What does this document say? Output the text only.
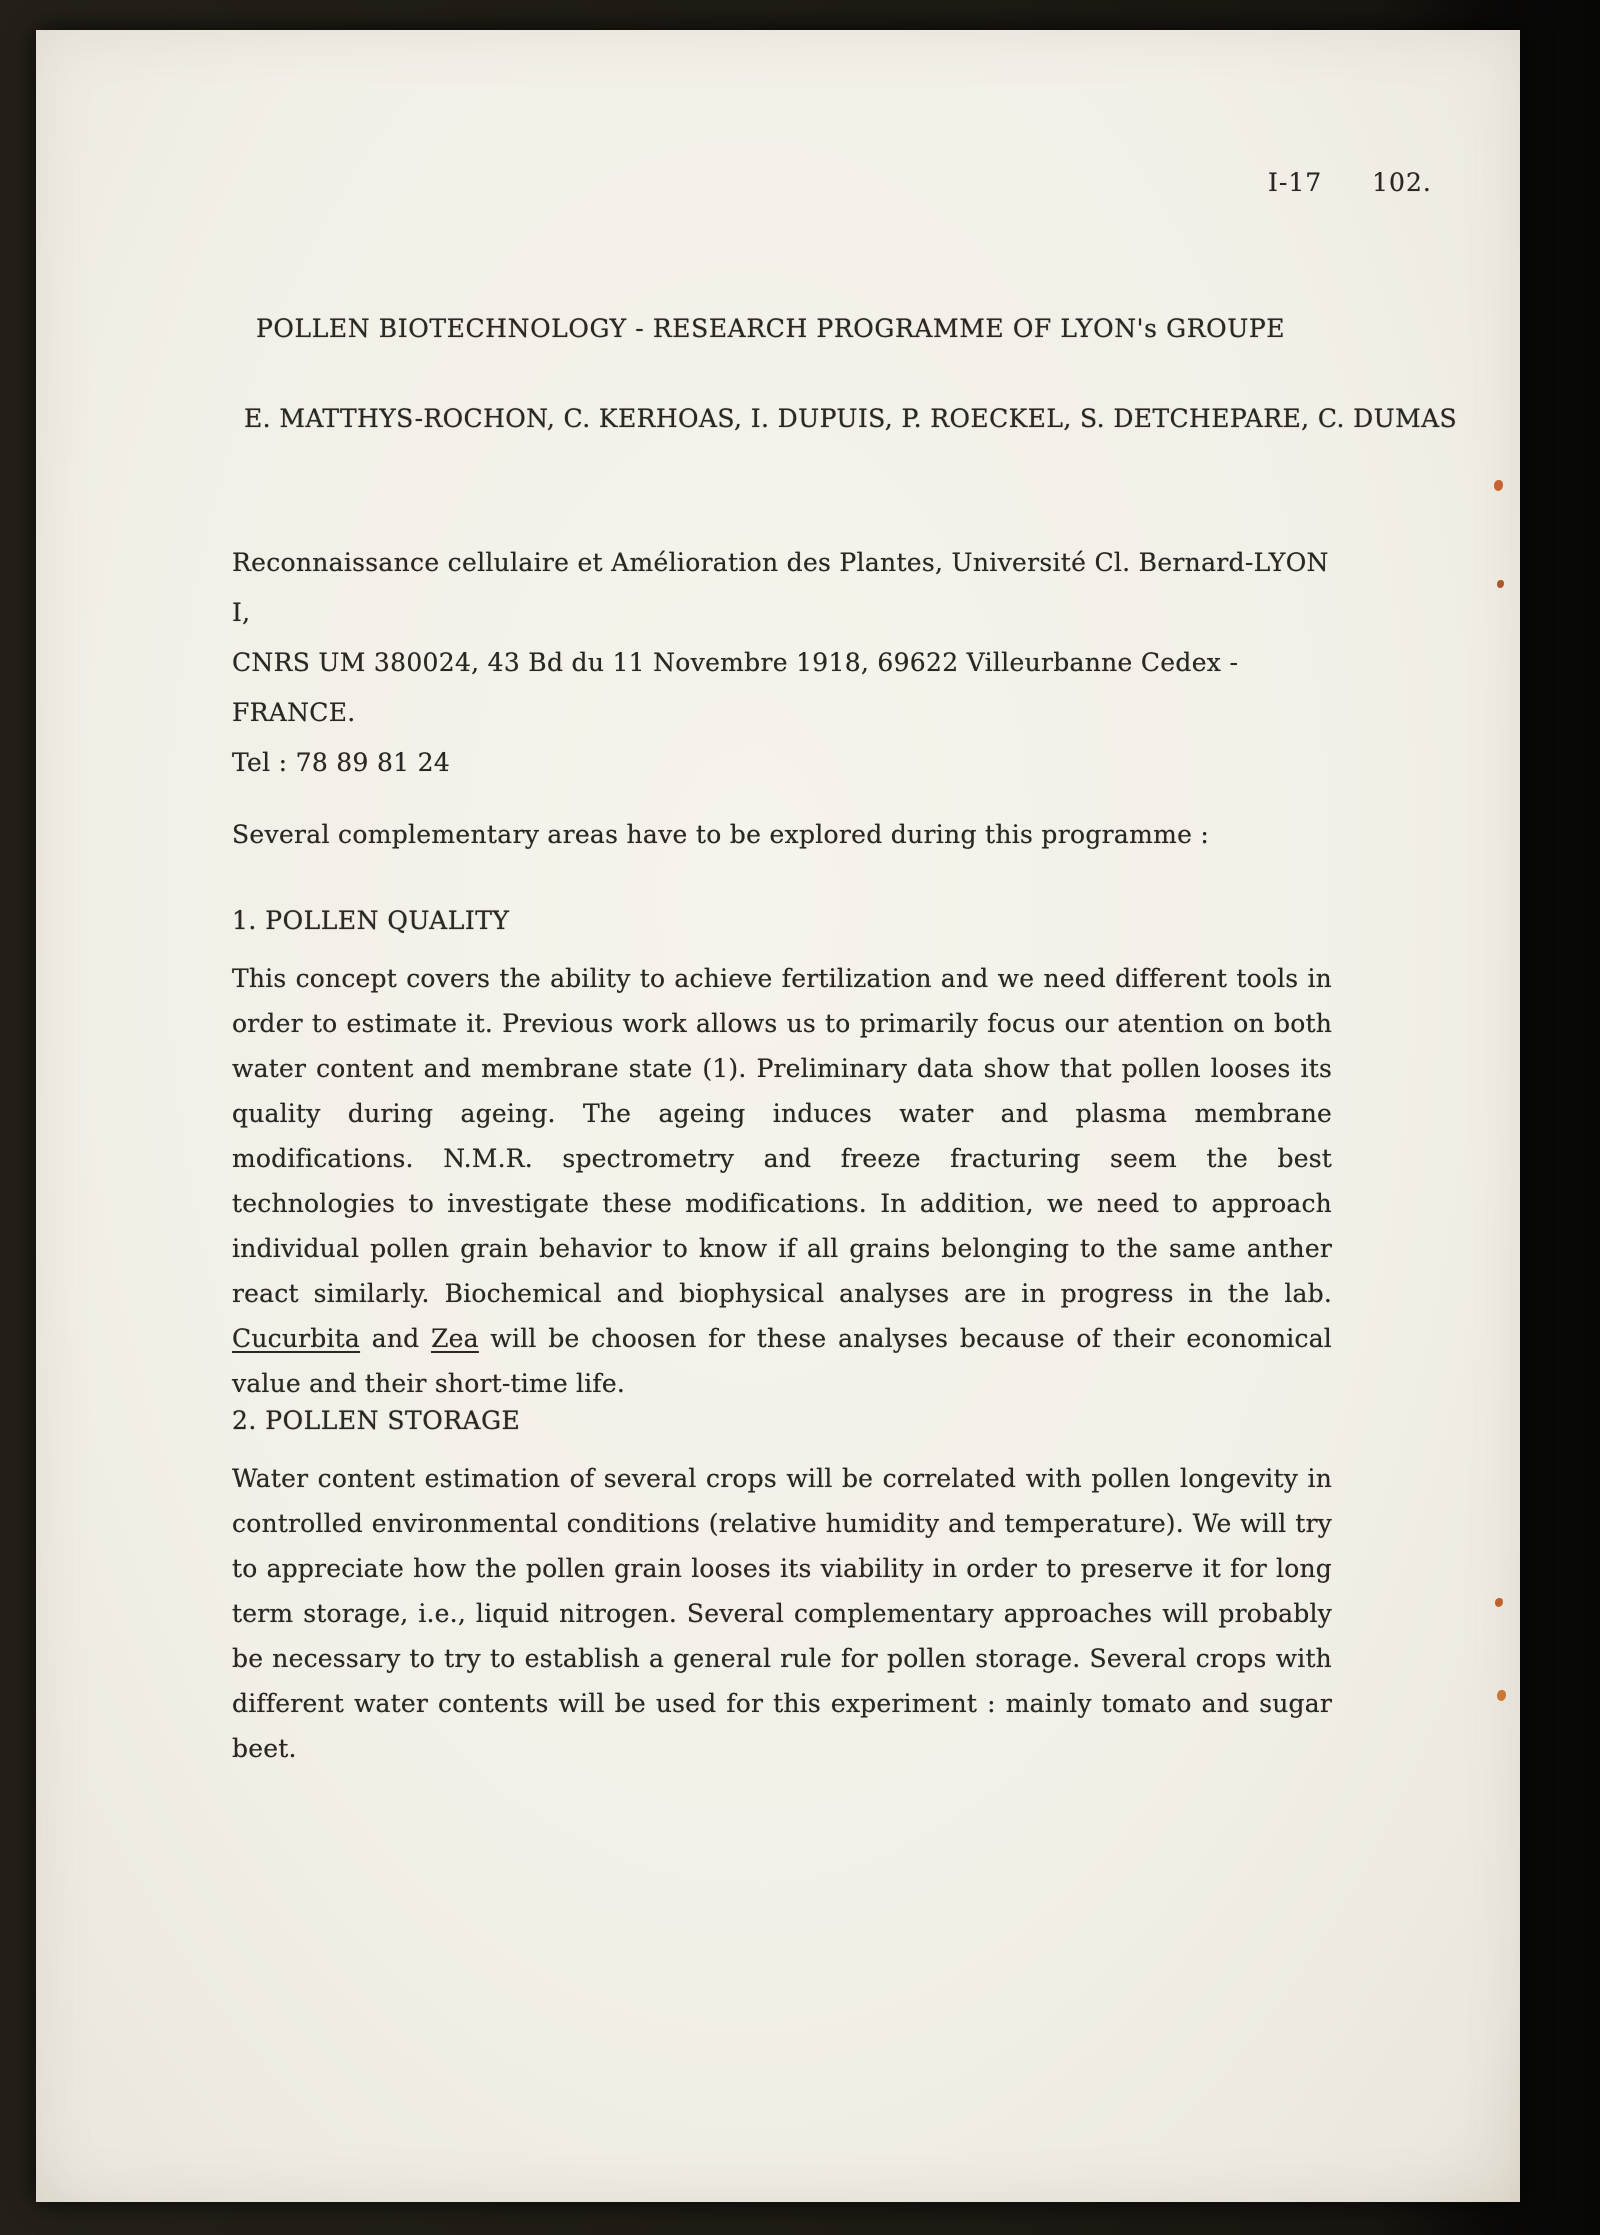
I-17 102.
POLLEN BIOTECHNOLOGY - RESEARCH PROGRAMME OF LYON's GROUPE
E. MATTHYS-ROCHON, C. KERHOAS, I. DUPUIS, P. ROECKEL, S. DETCHEPARE, C. DUMAS
Reconnaissance cellulaire et Amélioration des Plantes, Université Cl. Bernard-LYON I,
CNRS UM 380024, 43 Bd du 11 Novembre 1918, 69622 Villeurbanne Cedex - FRANCE.
Tel : 78 89 81 24

Several complementary areas have to be explored during this programme :

1. POLLEN QUALITY

This concept covers the ability to achieve fertilization and we need different tools in order to estimate it. Previous work allows us to primarily focus our atention on both water content and membrane state (1). Preliminary data show that pollen looses its quality during ageing. The ageing induces water and plasma membrane modifications. N.M.R. spectrometry and freeze fracturing seem the best technologies to investigate these modifications. In addition, we need to approach individual pollen grain behavior to know if all grains belonging to the same anther react similarly. Biochemical and biophysical analyses are in progress in the lab. Cucurbita and Zea will be choosen for these analyses because of their economical value and their short-time life.

2. POLLEN STORAGE

Water content estimation of several crops will be correlated with pollen longevity in controlled environmental conditions (relative humidity and temperature). We will try to appreciate how the pollen grain looses its viability in order to preserve it for long term storage, i.e., liquid nitrogen. Several complementary approaches will probably be necessary to try to establish a general rule for pollen storage. Several crops with different water contents will be used for this experiment : mainly tomato and sugar beet.
